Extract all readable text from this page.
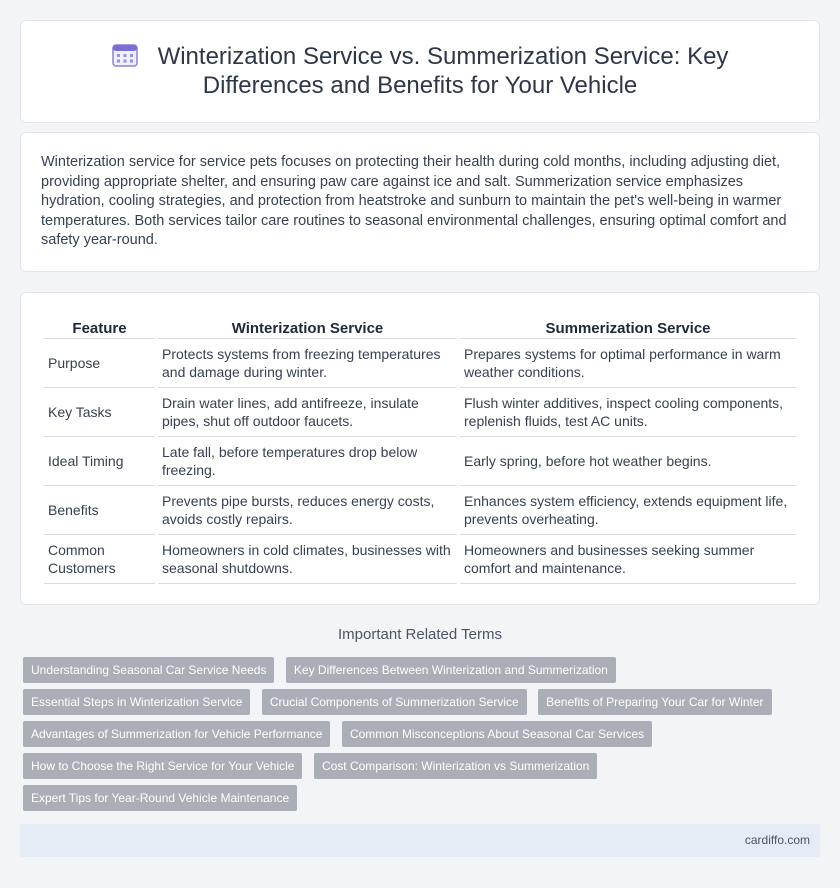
Winterization Service vs. Summerization Service: Key Differences and Benefits for Your Vehicle

Winterization service for service pets focuses on protecting their health during cold months, including adjusting diet, providing appropriate shelter, and ensuring paw care against ice and salt. Summerization service emphasizes hydration, cooling strategies, and protection from heatstroke and sunburn to maintain the pet's well-being in warmer temperatures. Both services tailor care routines to seasonal environmental challenges, ensuring optimal comfort and safety year-round.

Feature	Winterization Service	Summerization Service
Purpose	Protects systems from freezing temperatures and damage during winter.	Prepares systems for optimal performance in warm weather conditions.
Key Tasks	Drain water lines, add antifreeze, insulate pipes, shut off outdoor faucets.	Flush winter additives, inspect cooling components, replenish fluids, test AC units.
Ideal Timing	Late fall, before temperatures drop below freezing.	Early spring, before hot weather begins.
Benefits	Prevents pipe bursts, reduces energy costs, avoids costly repairs.	Enhances system efficiency, extends equipment life, prevents overheating.
Common Customers	Homeowners in cold climates, businesses with seasonal shutdowns.	Homeowners and businesses seeking summer comfort and maintenance.
Important Related Terms
Understanding Seasonal Car Service Needs Key Differences Between Winterization and Summerization
Essential Steps in Winterization Service Crucial Components of Summerization Service Benefits of Preparing Your Car for Winter
Advantages of Summerization for Vehicle Performance Common Misconceptions About Seasonal Car Services
How to Choose the Right Service for Your Vehicle Cost Comparison: Winterization vs Summerization
Expert Tips for Year-Round Vehicle Maintenance
cardiffo.com
